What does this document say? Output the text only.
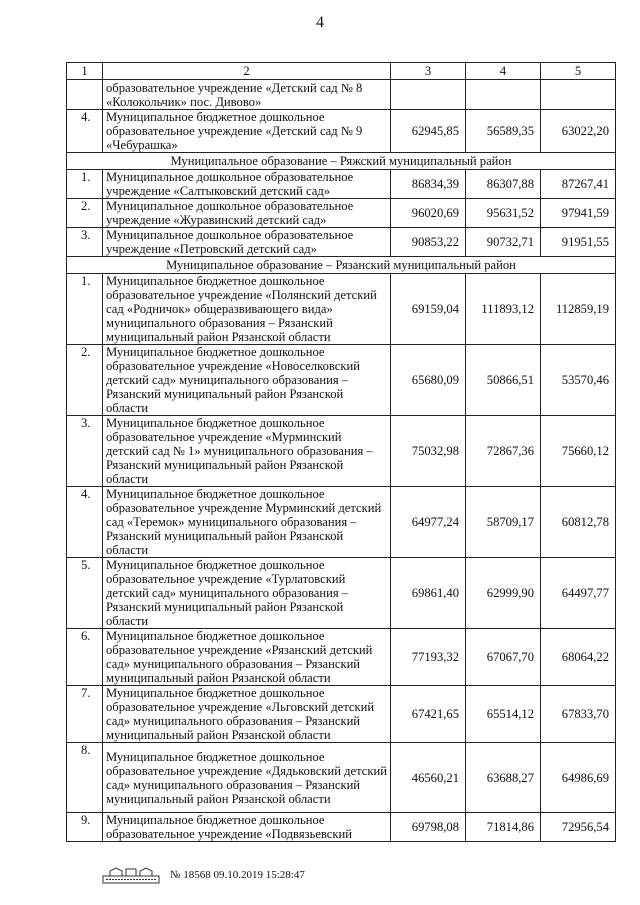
4
1	2	3	4	5
	образовательное учреждение «Детский сад № 8 «Колокольчик» пос. Дивово»			
4.	Муниципальное бюджетное дошкольное образовательное учреждение «Детский сад № 9 «Чебурашка»	62945,85	56589,35	63022,20
Муниципальное образование – Ряжский муниципальный район				
1.	Муниципальное дошкольное образовательное учреждение «Салтыковский детский сад»	86834,39	86307,88	87267,41
2.	Муниципальное дошкольное образовательное учреждение «Журавинский детский сад»	96020,69	95631,52	97941,59
3.	Муниципальное дошкольное образовательное учреждение «Петровский детский сад»	90853,22	90732,71	91951,55
Муниципальное образование – Рязанский муниципальный район				
1.	Муниципальное бюджетное дошкольное образовательное учреждение «Полянский детский сад «Родничок» общеразвивающего вида» муниципального образования – Рязанский муниципальный район Рязанской области	69159,04	111893,12	112859,19
2.	Муниципальное бюджетное дошкольное образовательное учреждение «Новоселковский детский сад» муниципального образования – Рязанский муниципальный район Рязанской области	65680,09	50866,51	53570,46
3.	Муниципальное бюджетное дошкольное образовательное учреждение «Мурминский детский сад № 1» муниципального образования – Рязанский муниципальный район Рязанской области	75032,98	72867,36	75660,12
4.	Муниципальное бюджетное дошкольное образовательное учреждение Мурминский детский сад «Теремок» муниципального образования – Рязанский муниципальный район Рязанской области	64977,24	58709,17	60812,78
5.	Муниципальное бюджетное дошкольное образовательное учреждение «Турлатовский детский сад» муниципального образования – Рязанский муниципальный район Рязанской области	69861,40	62999,90	64497,77
6.	Муниципальное бюджетное дошкольное образовательное учреждение «Рязанский детский сад» муниципального образования – Рязанский муниципальный район Рязанской области	77193,32	67067,70	68064,22
7.	Муниципальное бюджетное дошкольное образовательное учреждение «Льговский детский сад» муниципального образования – Рязанский муниципальный район Рязанской области	67421,65	65514,12	67833,70
8.	Муниципальное бюджетное дошкольное образовательное учреждение «Дядьковский детский сад» муниципального образования – Рязанский муниципальный район Рязанской области	46560,21	63688,27	64986,69
9.	Муниципальное бюджетное дошкольное образовательное учреждение «Подвязьевский	69798,08	71814,86	72956,54
№ 18568 09.10.2019 15:28:47
